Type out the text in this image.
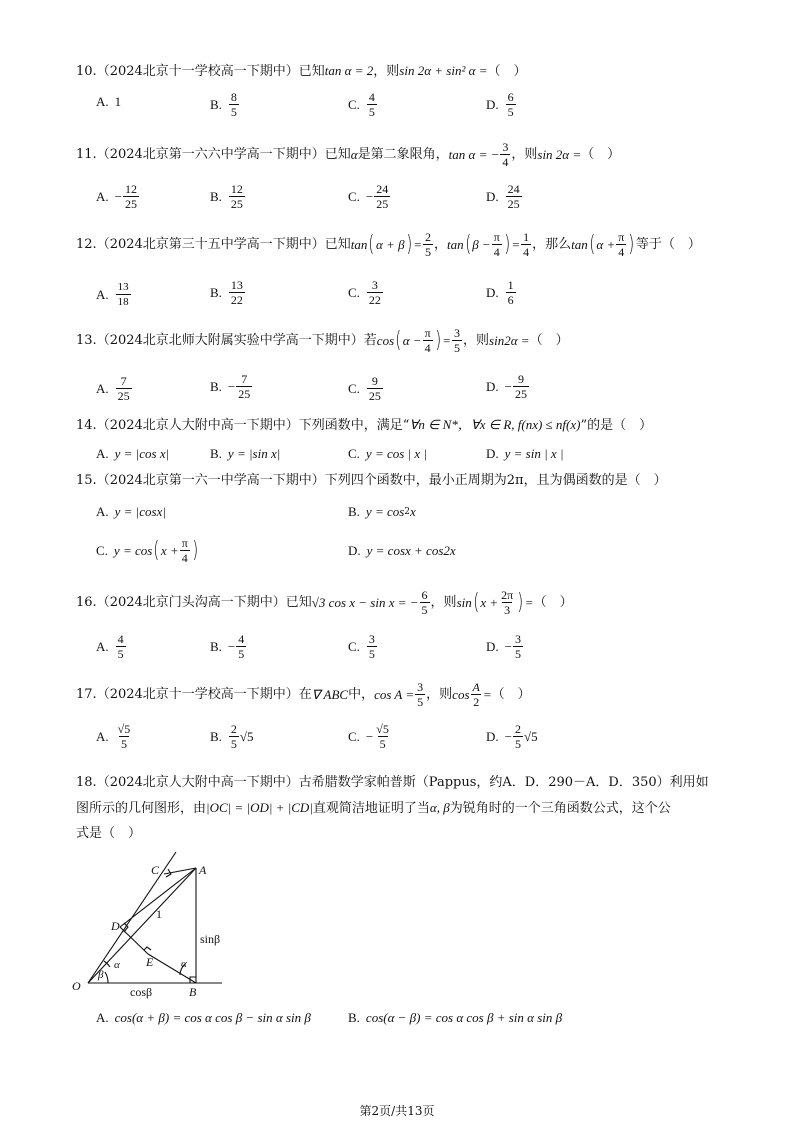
10.（2024北京十一学校高一下期中）已知tan α = 2，则sin 2α + sin² α =（　）
A. 1	B. $\frac{8}{5}$	C. $\frac{4}{5}$	D. $\frac{6}{5}$
11. （2024北京第一六六中学高一下期中） 已知 α 是第二象限角， tan α = − $\frac{3}{4}$ ，则 sin 2α = （　）
A. − $\frac{12}{25}$	B. $\frac{12}{25}$	C. − $\frac{24}{25}$	D. $\frac{24}{25}$
12. （2024北京第三十五中学高一下期中） 已知 tan ( α + β ) = $\frac{2}{5}$ ， tan ( $\beta - \frac{\pi}{4}$ ) = $\frac{1}{4}$ ，那么 tan ( $\alpha + \frac{\pi}{4}$ ) 等于 （　）
A. $\frac{13}{18}$	B. $\frac{13}{22}$	C. $\frac{3}{22}$	D. $\frac{1}{6}$
13. （2024北京北师大附属实验中学高一下期中） 若 cos ( $\alpha - \frac{\pi}{4}$ ) = $\frac{3}{5}$ ，则 sin2α = （　）
A. $\frac{7}{25}$	B. − $\frac{7}{25}$	C. $\frac{9}{25}$	D. − $\frac{9}{25}$
14.（2024北京人大附中高一下期中）下列函数中，满足“∀n ∈ N*，∀x ∈ R, f(nx) ≤ nf(x)”的是（　）
A. y = |cos x|	B. y = |sin x|	C. y = cos | x |	D. y = sin | x |
15.（2024北京第一六一中学高一下期中）下列四个函数中，最小正周期为2π，且为偶函数的是（　）
A. y = |cosx|	B. y = cos 2 x
C. y = cos ( $x + \frac{\pi}{4}$ )	D. y = cosx + cos2x
16. （2024北京门头沟高一下期中） 已知 √3 cos x − sin x = − $\frac{6}{5}$ ，则 sin ( $x + \frac{2\pi}{3}$ ) = （　）
A. $\frac{4}{5}$	B. − $\frac{4}{5}$	C. $\frac{3}{5}$	D. − $\frac{3}{5}$
17. （2024北京十一学校高一下期中） 在 ∇ ABC 中， $\cos A = \frac{3}{5}$ ，则 $\cos \frac{A}{2}$ = （　）
A. $\frac{√5}{5}$	B. $\frac{2}{5} √5$	C. − $\frac{√5}{5}$	D. − $\frac{2}{5} √5$
18.（2024北京人大附中高一下期中）古希腊数学家帕普斯（Pappus，约A．D．290－A．D．350）利用如
图所示的几何图形，由|OC| = |OD| + |CD|直观简洁地证明了当α, β为锐角时的一个三角函数公式，这个公
式是（　）
C	A
D
1
E
O	B
β
α	α
sinβ
cosβ
A. cos(α + β) = cos α cos β − sin α sin β	B. cos(α − β) = cos α cos β + sin α sin β
第2页/共13页
